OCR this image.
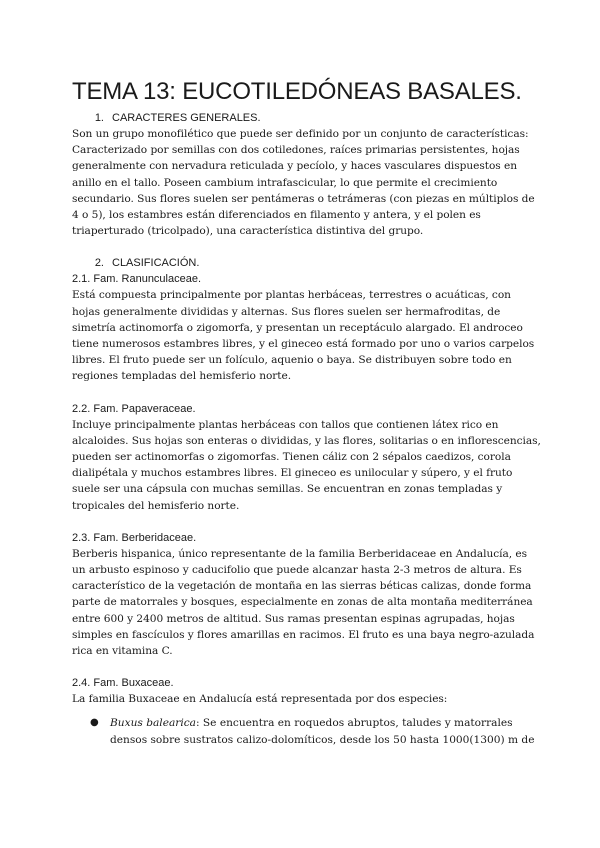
TEMA 13: EUCOTILEDÓNEAS BASALES.
1. CARACTERES GENERALES.

Son un grupo monofilético que puede ser definido por un conjunto de características: Caracterizado por semillas con dos cotiledones, raíces primarias persistentes, hojas generalmente con nervadura reticulada y pecíolo, y haces vasculares dispuestos en anillo en el tallo. Poseen cambium intrafascicular, lo que permite el crecimiento secundario. Sus flores suelen ser pentámeras o tetrámeras (con piezas en múltiplos de 4 o 5), los estambres están diferenciados en filamento y antera, y el polen es triaperturado (tricolpado), una característica distintiva del grupo.

2. CLASIFICACIÓN.
2.1. Fam. Ranunculaceae.

Está compuesta principalmente por plantas herbáceas, terrestres o acuáticas, con hojas generalmente divididas y alternas. Sus flores suelen ser hermafroditas, de simetría actinomorfa o zigomorfa, y presentan un receptáculo alargado. El androceo tiene numerosos estambres libres, y el gineceo está formado por uno o varios carpelos libres. El fruto puede ser un folículo, aquenio o baya. Se distribuyen sobre todo en regiones templadas del hemisferio norte.

2.2. Fam. Papaveraceae.

Incluye principalmente plantas herbáceas con tallos que contienen látex rico en alcaloides. Sus hojas son enteras o divididas, y las flores, solitarias o en inflorescencias, pueden ser actinomorfas o zigomorfas. Tienen cáliz con 2 sépalos caedizos, corola dialipétala y muchos estambres libres. El gineceo es unilocular y súpero, y el fruto suele ser una cápsula con muchas semillas. Se encuentran en zonas templadas y tropicales del hemisferio norte.

2.3. Fam. Berberidaceae.

Berberis hispanica, único representante de la familia Berberidaceae en Andalucía, es un arbusto espinoso y caducifolio que puede alcanzar hasta 2-3 metros de altura. Es característico de la vegetación de montaña en las sierras béticas calizas, donde forma parte de matorrales y bosques, especialmente en zonas de alta montaña mediterránea entre 600 y 2400 metros de altitud. Sus ramas presentan espinas agrupadas, hojas simples en fascículos y flores amarillas en racimos. El fruto es una baya negro-azulada rica en vitamina C.

2.4. Fam. Buxaceae.

La familia Buxaceae en Andalucía está representada por dos especies:

● Buxus balearica: Se encuentra en roquedos abruptos, taludes y matorrales densos sobre sustratos calizo-dolomíticos, desde los 50 hasta 1000(1300) m de
